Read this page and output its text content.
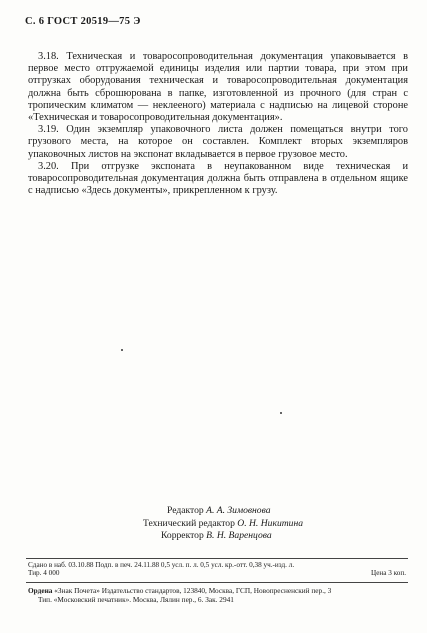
С. 6 ГОСТ 20519—75 Э

3.18. Техническая и товаросопроводительная документация упаковывается в первое место отгружаемой единицы изделия или партии товара, при этом при отгрузках оборудования техническая и товаросопроводительная документация должна быть сброшюрована в папке, изготовленной из прочного (для стран с тропическим климатом — неклееного) материала с надписью на лицевой стороне «Техническая и товаросопроводительная документация».

3.19. Один экземпляр упаковочного листа должен помещаться внутри того грузового места, на которое он составлен. Комплект вторых экземпляров упаковочных листов на экспонат вкладывается в первое грузовое место.

3.20. При отгрузке экспоната в неупакованном виде техническая и товаросопроводительная документация должна быть отправлена в отдельном ящике с надписью «Здесь документы», прикрепленном к грузу.

Редактор А. А. Зимовнова
Технический редактор О. Н. Никитина
Корректор В. Н. Варенцова
Сдано в наб. 03.10.88 Подп. в печ. 24.11.88 0,5 усл. п. л. 0,5 усл. кр.-отт. 0,38 уч.-изд. л.
Тир. 4 000	Цена 3 коп.
Ордена «Знак Почета» Издательство стандартов, 123840, Москва, ГСП, Новопресненский пер., 3
Тип. «Московский печатник». Москва, Лялин пер., 6. Зак. 2941
